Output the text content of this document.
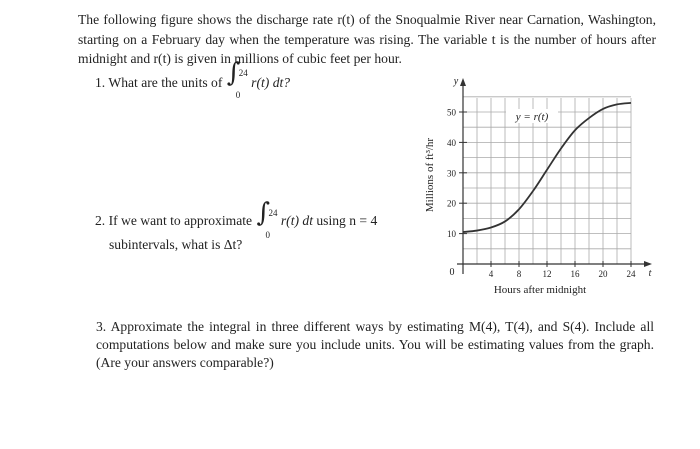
The following figure shows the discharge rate r(t) of the Snoqualmie River near Carnation, Washington, starting on a February day when the temperature was rising. The variable t is the number of hours after midnight and r(t) is given in millions of cubic feet per hour.
1. What are the units of ∫
24
0
r(t) dt?
2. If we want to approximate ∫
24
0
r(t) dt using n = 4
subintervals, what is Δt?
3. Approximate the integral in three different ways by estimating M(4), T(4), and S(4). Include all computations below and make sure you include units. You will be estimating values from the graph. (Are your answers comparable?)
10
20
30
40
50
4	8 12 16 20 24
y = r(t)
Hours after midnight
Millions of ft³/hr
y
t
0
